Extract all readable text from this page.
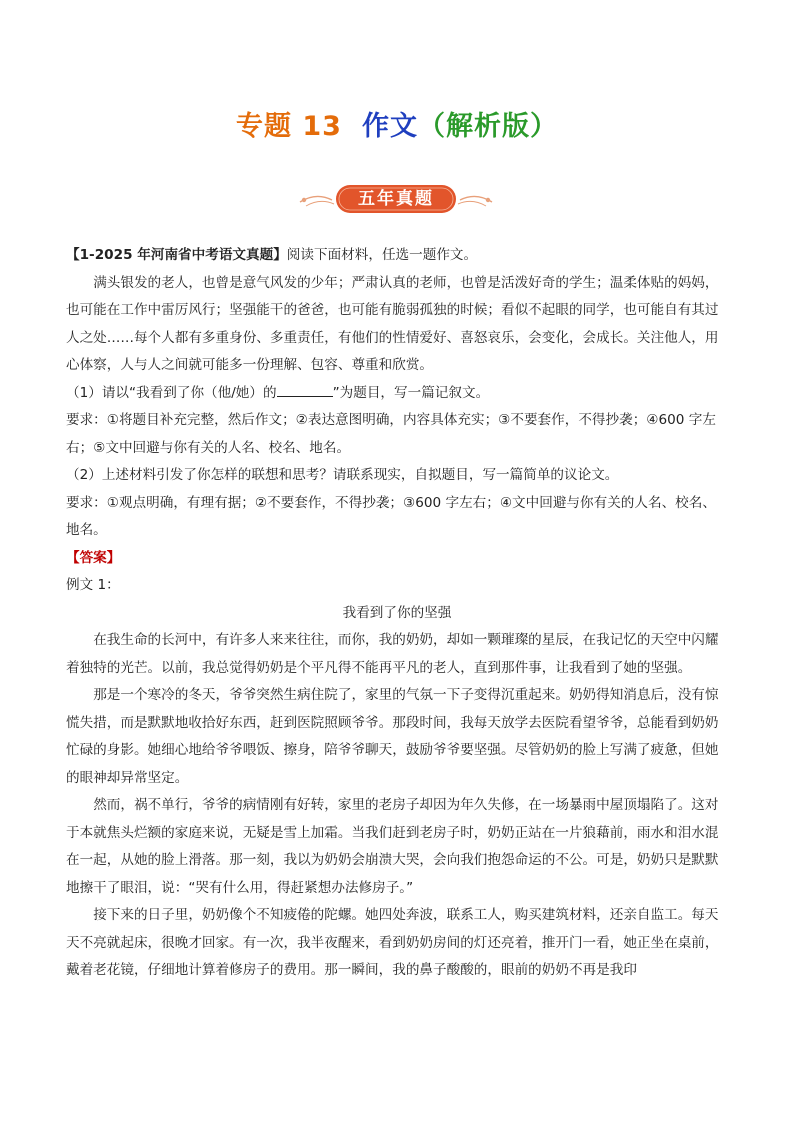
专题 13 作文（解析版）
五年真题

【1-2025 年河南省中考语文真题】阅读下面材料，任选一题作文。

满头银发的老人，也曾是意气风发的少年；严肃认真的老师，也曾是活泼好奇的学生；温柔体贴的妈妈，也可能在工作中雷厉风行；坚强能干的爸爸，也可能有脆弱孤独的时候；看似不起眼的同学，也可能自有其过人之处……每个人都有多重身份、多重责任，有他们的性情爱好、喜怒哀乐，会变化，会成长。关注他人，用心体察，人与人之间就可能多一份理解、包容、尊重和欣赏。

（1）请以“我看到了你（他/她）的	”为题目，写一篇记叙文。

要求：①将题目补充完整，然后作文；②表达意图明确，内容具体充实；③不要套作，不得抄袭；④600 字左右；⑤文中回避与你有关的人名、校名、地名。

（2）上述材料引发了你怎样的联想和思考？请联系现实，自拟题目，写一篇简单的议论文。

要求：①观点明确，有理有据；②不要套作，不得抄袭；③600 字左右；④文中回避与你有关的人名、校名、地名。

【答案】

例文 1：

我看到了你的坚强

在我生命的长河中，有许多人来来往往，而你，我的奶奶，却如一颗璀璨的星辰，在我记忆的天空中闪耀着独特的光芒。以前，我总觉得奶奶是个平凡得不能再平凡的老人，直到那件事，让我看到了她的坚强。

那是一个寒冷的冬天，爷爷突然生病住院了，家里的气氛一下子变得沉重起来。奶奶得知消息后，没有惊慌失措，而是默默地收拾好东西，赶到医院照顾爷爷。那段时间，我每天放学去医院看望爷爷，总能看到奶奶忙碌的身影。她细心地给爷爷喂饭、擦身，陪爷爷聊天，鼓励爷爷要坚强。尽管奶奶的脸上写满了疲惫，但她的眼神却异常坚定。

然而，祸不单行，爷爷的病情刚有好转，家里的老房子却因为年久失修，在一场暴雨中屋顶塌陷了。这对于本就焦头烂额的家庭来说，无疑是雪上加霜。当我们赶到老房子时，奶奶正站在一片狼藉前，雨水和泪水混在一起，从她的脸上滑落。那一刻，我以为奶奶会崩溃大哭，会向我们抱怨命运的不公。可是，奶奶只是默默地擦干了眼泪，说：“哭有什么用，得赶紧想办法修房子。”

接下来的日子里，奶奶像个不知疲倦的陀螺。她四处奔波，联系工人，购买建筑材料，还亲自监工。每天天不亮就起床，很晚才回家。有一次，我半夜醒来，看到奶奶房间的灯还亮着，推开门一看，她正坐在桌前，戴着老花镜，仔细地计算着修房子的费用。那一瞬间，我的鼻子酸酸的，眼前的奶奶不再是我印
